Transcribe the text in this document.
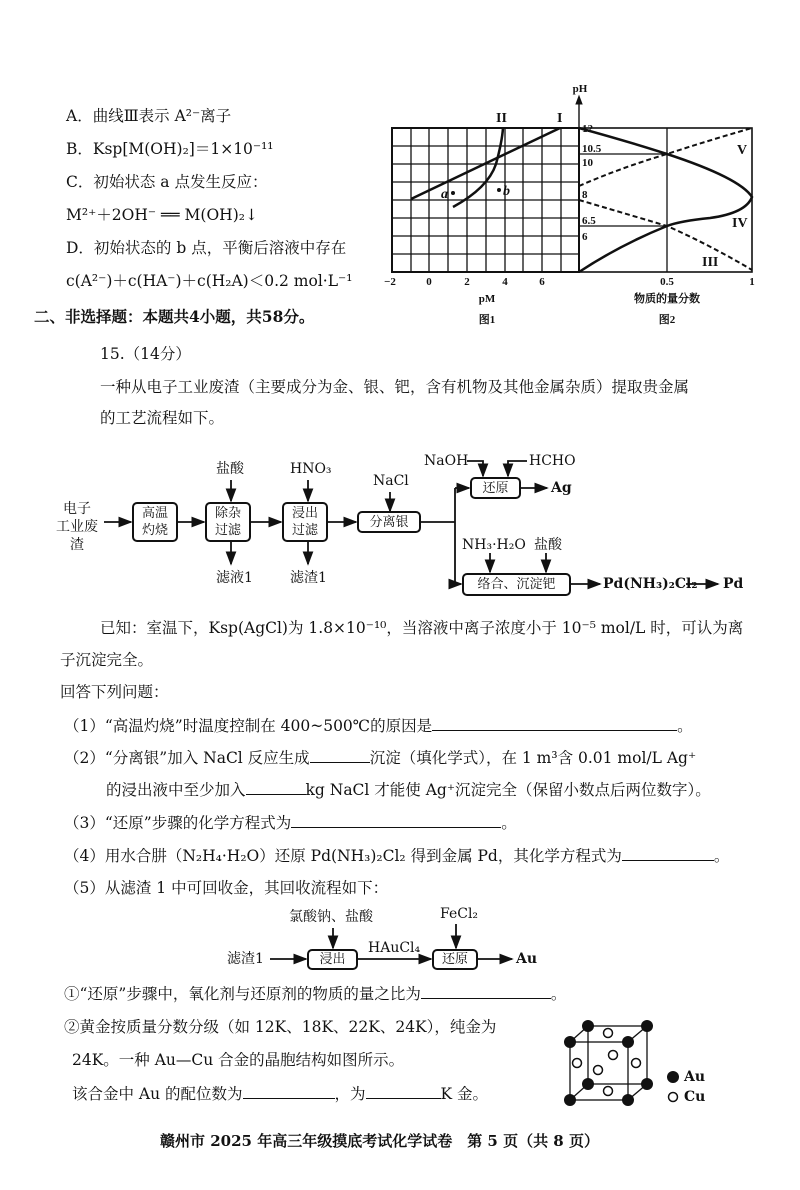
A．曲线Ⅲ表示 A²⁻离子
B．Ksp[M(OH)₂]＝1×10⁻¹¹
C．初始状态 a 点发生反应：
M²⁺＋2OH⁻ ══ M(OH)₂↓
D．初始状态的 b 点，平衡后溶液中存在
c(A²⁻)＋c(HA⁻)＋c(H₂A)＜0.2 mol·L⁻¹
a	b
II	I
−2	0	2	4	6
pM
图1
0.5	1
物质的量分数
图2
pH
12
10.5
10
8
6.5
6
V
IV
III
二、非选择题：本题共4小题，共58分。
15.（14分）
一种从电子工业废渣（主要成分为金、银、钯，含有机物及其他金属杂质）提取贵金属
的工艺流程如下。
电子
工业废渣
高温
灼烧
除杂
过滤
浸出
过滤
分离银
还原
络合、沉淀钯
盐酸
滤液1
HNO₃
滤渣1
NaCl
NaOH	HCHO
Ag
NH₃·H₂O 盐酸
Pd(NH₃)₂Cl₂ Pd
已知：室温下，Ksp(AgCl)为 1.8×10⁻¹⁰，当溶液中离子浓度小于 10⁻⁵ mol/L 时，可认为离
子沉淀完全。
回答下列问题：
（1）“高温灼烧”时温度控制在 400~500℃的原因是	。
（2）“分离银”加入 NaCl 反应生成	沉淀（填化学式），在 1 m³含 0.01 mol/L Ag⁺
的浸出液中至少加入	kg NaCl 才能使 Ag⁺沉淀完全（保留小数点后两位数字）。
（3）“还原”步骤的化学方程式为	。
（4）用水合肼（N₂H₄·H₂O）还原 Pd(NH₃)₂Cl₂ 得到金属 Pd，其化学方程式为	。
（5）从滤渣 1 中可回收金，其回收流程如下：
滤渣1
氯酸钠、盐酸
浸出
HAuCl₄
FeCl₂
还原	Au
①“还原”步骤中，氧化剂与还原剂的物质的量之比为	。
②黄金按质量分数分级（如 12K、18K、22K、24K），纯金为
24K。一种 Au—Cu 合金的晶胞结构如图所示。
该合金中 Au 的配位数为	，为	K 金。
Au
Cu
赣州市 2025 年高三年级摸底考试化学试卷　第 5 页（共 8 页）
